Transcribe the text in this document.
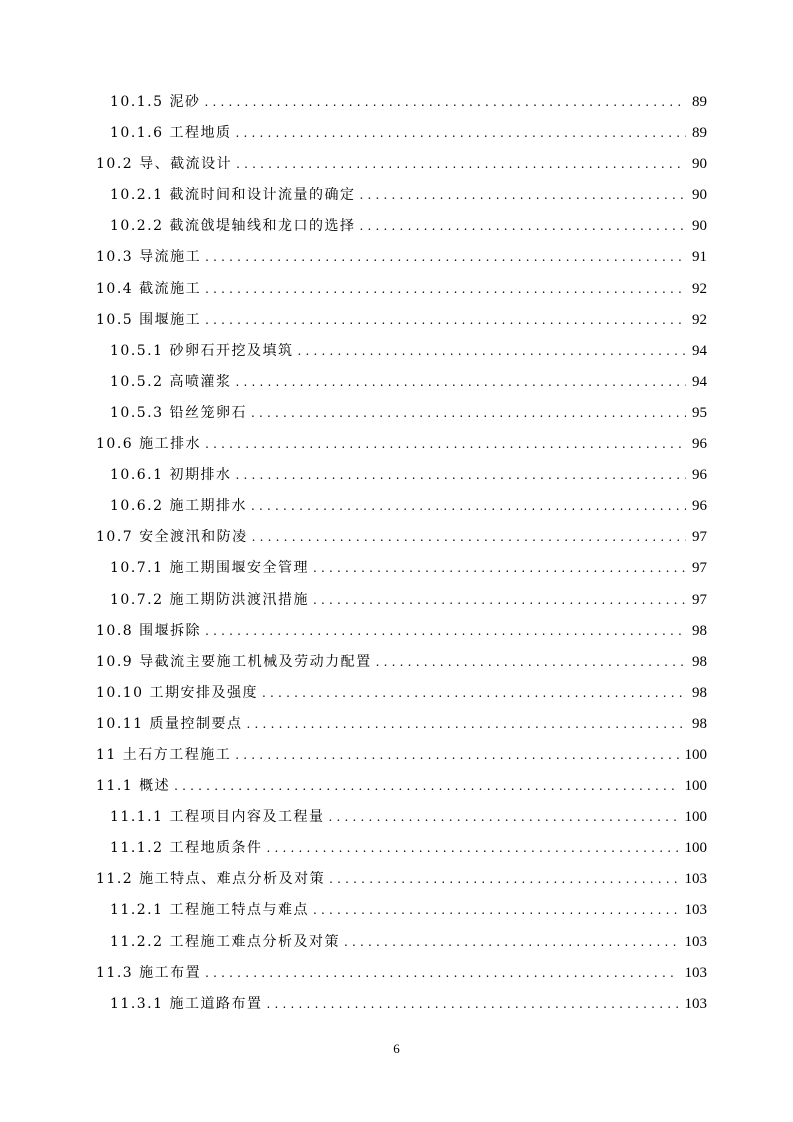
10.1.5 泥砂 .....	89
10.1.6 工程地质 .....	89
10.2 导、截流设计 .....	90
10.2.1 截流时间和设计流量的确定 .....	90
10.2.2 截流戗堤轴线和龙口的选择 .....	90
10.3 导流施工 .....	91
10.4 截流施工 .....	92
10.5 围堰施工 .....	92
10.5.1 砂卵石开挖及填筑 .....	94
10.5.2 高喷灌浆 .....	94
10.5.3 铅丝笼卵石 .....	95
10.6 施工排水 .....	96
10.6.1 初期排水 .....	96
10.6.2 施工期排水 .....	96
10.7 安全渡汛和防凌 .....	97
10.7.1 施工期围堰安全管理 .....	97
10.7.2 施工期防洪渡汛措施 .....	97
10.8 围堰拆除 .....	98
10.9 导截流主要施工机械及劳动力配置 .....	98
10.10 工期安排及强度 .....	98
10.11 质量控制要点 .....	98
11 土石方工程施工 .....	100
11.1 概述 .....	100
11.1.1 工程项目内容及工程量 .....	100
11.1.2 工程地质条件 .....	100
11.2 施工特点、难点分析及对策 .....	103
11.2.1 工程施工特点与难点 .....	103
11.2.2 工程施工难点分析及对策 .....	103
11.3 施工布置 .....	103
11.3.1 施工道路布置 .....	103
6
